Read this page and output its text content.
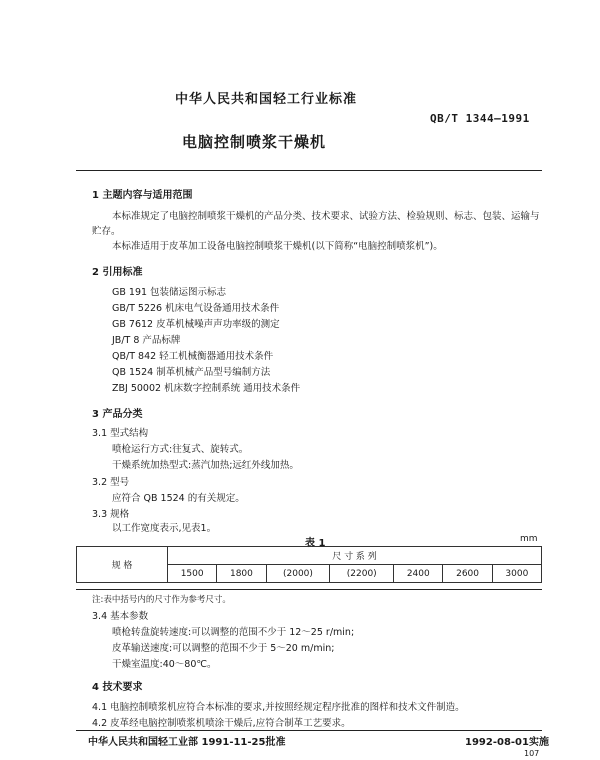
中华人民共和国轻工行业标准
QB/T 1344—1991
电脑控制喷浆干燥机
1 主题内容与适用范围
本标准规定了电脑控制喷浆干燥机的产品分类、技术要求、试验方法、检验规则、标志、包装、运输与
贮存。
本标准适用于皮革加工设备电脑控制喷浆干燥机(以下简称“电脑控制喷浆机”)。
2 引用标准
GB 191 包装储运图示标志
GB/T 5226 机床电气设备通用技术条件
GB 7612 皮革机械噪声声功率级的测定
JB/T 8 产品标牌
QB/T 842 轻工机械衡器通用技术条件
QB 1524 制革机械产品型号编制方法
ZBJ 50002 机床数字控制系统 通用技术条件
3 产品分类
3.1 型式结构
喷枪运行方式:往复式、旋转式。
干燥系统加热型式:蒸汽加热;远红外线加热。
3.2 型号
应符合 QB 1524 的有关规定。
3.3 规格
以工作宽度表示,见表1。
表 1	mm
规 格	尺 寸 系 列						
	1500	1800	(2000)	(2200)	2400	2600	3000
注:表中括号内的尺寸作为参考尺寸。
3.4 基本参数
喷枪转盘旋转速度:可以调整的范围不少于 12～25 r/min;
皮革输送速度:可以调整的范围不少于 5～20 m/min;
干燥室温度:40～80℃。
4 技术要求
4.1 电脑控制喷浆机应符合本标准的要求,并按照经规定程序批准的图样和技术文件制造。
4.2 皮革经电脑控制喷浆机喷涂干燥后,应符合制革工艺要求。
中华人民共和国轻工业部 1991-11-25批准	1992-08-01实施
107
